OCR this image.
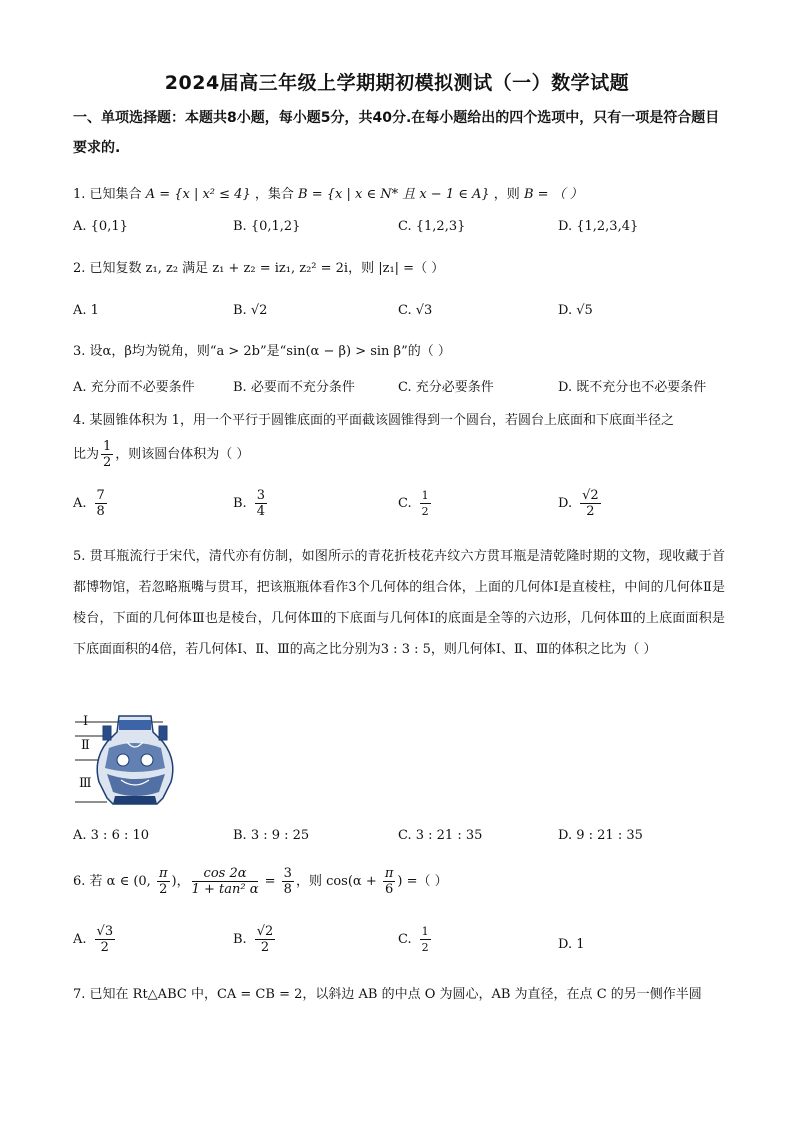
2024届高三年级上学期期初模拟测试（一）数学试题
一、单项选择题：本题共8小题，每小题5分，共40分.在每小题给出的四个选项中，只有一项是符合题目要求的.
1. 已知集合 A = {x | x² ≤ 4} ，集合 B = {x | x ∈ N* 且 x − 1 ∈ A} ，则 B = （ ）
A. {0,1}	B. {0,1,2}	C. {1,2,3}	D. {1,2,3,4}
2. 已知复数 z₁, z₂ 满足 z₁ + z₂ = iz₁, z₂² = 2i，则 |z₁| =（ ）
A. 1	B. √2	C. √3	D. √5
3. 设α，β均为锐角，则“a > 2b”是“sin(α − β) > sin β”的（ ）
A. 充分而不必要条件	B. 必要而不充分条件	C. 充分必要条件	D. 既不充分也不必要条件
4. 某圆锥体积为 1，用一个平行于圆锥底面的平面截该圆锥得到一个圆台，若圆台上底面和下底面半径之
比为 $\frac{1}{2}$ ，则该圆台体积为（ ）
A. $\frac{7}{8}$	B. $\frac{3}{4}$	C. $\frac{1}{2}$	D. $\frac{√2}{2}$
5. 贯耳瓶流行于宋代，清代亦有仿制，如图所示的青花折枝花卉纹六方贯耳瓶是清乾隆时期的文物，现收藏于首都博物馆，若忽略瓶嘴与贯耳，把该瓶瓶体看作3个几何体的组合体，上面的几何体Ⅰ是直棱柱，中间的几何体Ⅱ是棱台，下面的几何体Ⅲ也是棱台，几何体Ⅲ的下底面与几何体Ⅰ的底面是全等的六边形，几何体Ⅲ的上底面面积是下底面面积的4倍，若几何体Ⅰ、Ⅱ、Ⅲ的高之比分别为3 : 3 : 5，则几何体Ⅰ、Ⅱ、Ⅲ的体积之比为（ ）
Ⅰ
Ⅱ
Ⅲ
A. 3 : 6 : 10	B. 3 : 9 : 25	C. 3 : 21 : 35	D. 9 : 21 : 35
6. 若 α ∈ (0, $\frac{\pi}{2}$ )， $\frac{\cos 2\alpha}{\text{1 + tan² α}} = \frac{3}{8}$ ，则 $\cos(\alpha + \frac{\pi}{6}$ ) =（ ）
A. $\frac{√3}{2}$	B. $\frac{√2}{2}$	C. $\frac{1}{2}$	D. 1
7. 已知在 Rt△ABC 中，CA = CB = 2，以斜边 AB 的中点 O 为圆心，AB 为直径，在点 C 的另一侧作半圆
